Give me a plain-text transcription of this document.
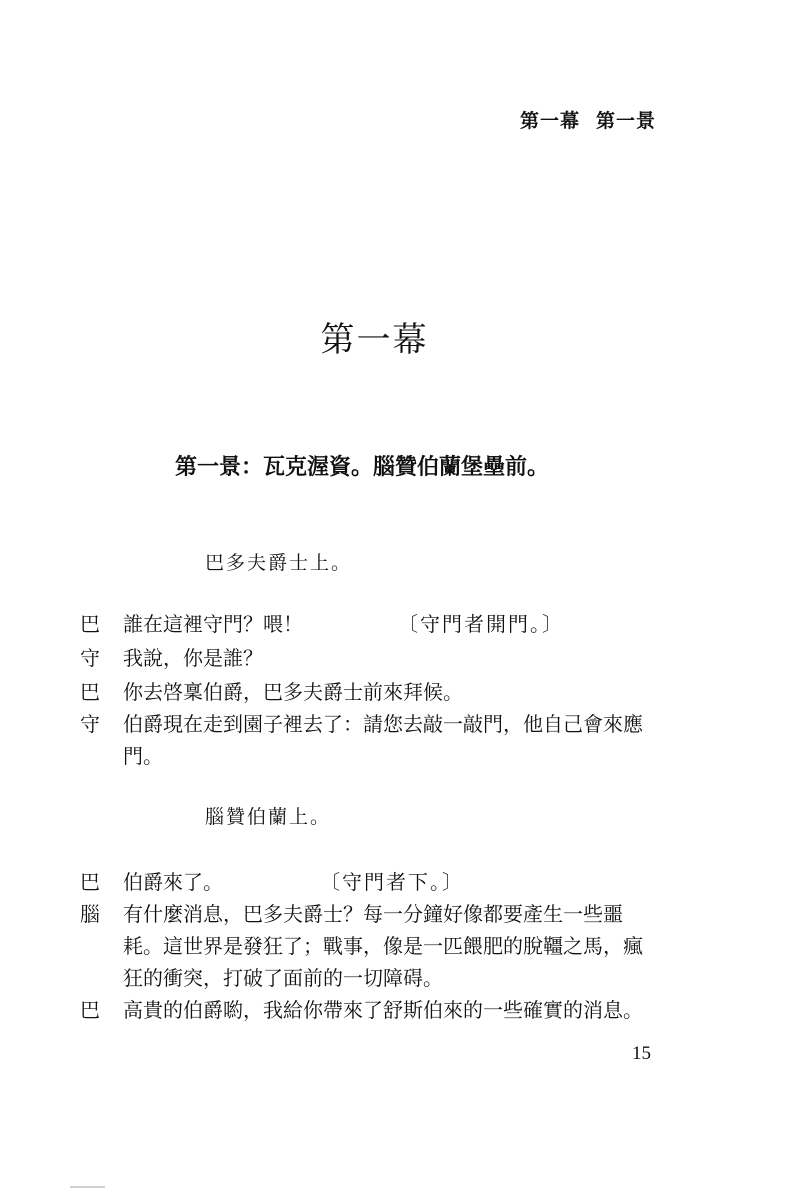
第一幕 第一景
第一幕
第一景：瓦克渥資。腦贊伯蘭堡壘前。
巴多夫爵士上。
巴	誰在這裡守門？喂！	〔守門者開門。〕
守	我說，你是誰？
巴	你去啓稟伯爵，巴多夫爵士前來拜候。
守	伯爵現在走到園子裡去了：請您去敲一敲門，他自己會來應
門。
腦贊伯蘭上。
巴	伯爵來了。	〔守門者下。〕
腦	有什麼消息，巴多夫爵士？每一分鐘好像都要產生一些噩
耗。這世界是發狂了；戰事，像是一匹餵肥的脫韁之馬，瘋
狂的衝突，打破了面前的一切障碍。
巴	高貴的伯爵喲，我給你帶來了舒斯伯來的一些確實的消息。
15
